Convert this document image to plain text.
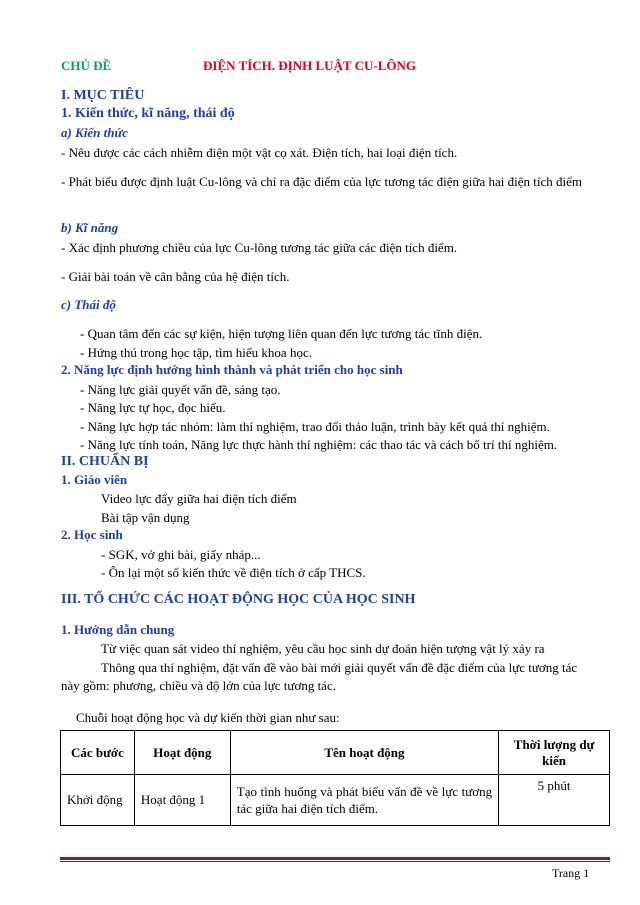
CHỦ ĐỀ	ĐIỆN TÍCH. ĐỊNH LUẬT CU-LÔNG
I. MỤC TIÊU
1. Kiến thức, kĩ năng, thái độ
a) Kiến thức
- Nêu được các cách nhiễm điện một vật cọ xát. Điện tích, hai loại điện tích.
- Phát biểu được định luật Cu-lông và chỉ ra đặc điểm của lực tương tác điện giữa hai điện tích điểm
b) Kĩ năng
- Xác định phương chiều của lực Cu-lông tương tác giữa các điện tích điểm.
- Giải bài toán về cân bằng của hệ điện tích.
c) Thái độ
- Quan tâm đến các sự kiện, hiện tượng liên quan đến lực tương tác tĩnh điện.
- Hứng thú trong học tập, tìm hiểu khoa học.
2. Năng lực định hướng hình thành và phát triển cho học sinh
- Năng lực giải quyết vấn đề, sáng tạo.
- Năng lực tự học, đọc hiểu.
- Năng lực hợp tác nhóm: làm thí nghiệm, trao đổi thảo luận, trình bày kết quả thí nghiệm.
- Năng lực tính toán, Năng lực thực hành thí nghiệm: các thao tác và cách bố trí thí nghiệm.
II. CHUẨN BỊ
1. Giáo viên
Video lực đẩy giữa hai điện tích điểm
Bài tập vận dụng
2. Học sinh
- SGK, vở ghi bài, giấy nháp...
- Ôn lại một số kiến thức về điện tích ở cấp THCS.
III. TỔ CHỨC CÁC HOẠT ĐỘNG HỌC CỦA HỌC SINH
1. Hướng dẫn chung
Từ việc quan sát video thí nghiệm, yêu cầu học sinh dự đoán hiện tượng vật lý xảy ra
Thông qua thí nghiệm, đặt vấn đề vào bài mới giải quyết vấn đề đặc điểm của lực tương tác
này gồm: phương, chiều và độ lớn của lực tương tác.
Chuỗi hoạt động học và dự kiến thời gian như sau:
Các bước	Hoạt động	Tên hoạt động	Thời lượng dự kiến
Khởi động	Hoạt động 1	Tạo tình huống và phát biểu vấn đề về lực tương tác giữa hai điện tích điểm.	5 phút
Trang 1
